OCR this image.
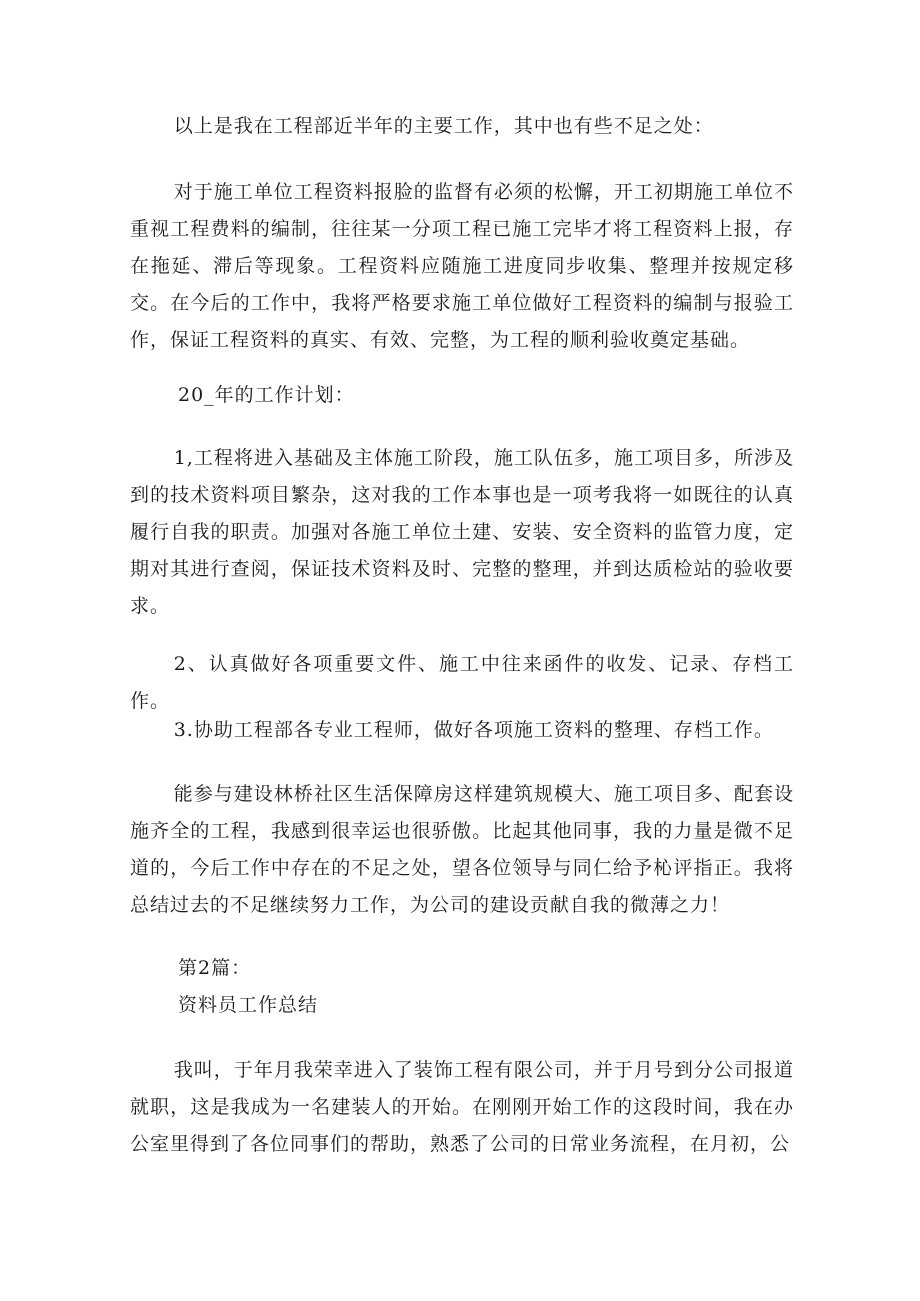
以上是我在工程部近半年的主要工作，其中也有些不足之处：

对于施工单位工程资料报脸的监督有必须的松懈，开工初期施工单位不重视工程费料的编制，往往某一分项工程已施工完毕才将工程资料上报，存在拖延、滞后等现象。工程资料应随施工进度同步收集、整理并按规定移交。在今后的工作中，我将严格要求施工单位做好工程资料的编制与报验工作，保证工程资料的真实、有效、完整，为工程的顺利验收奠定基础。

20_年的工作计划：

1,工程将进入基础及主体施工阶段，施工队伍多，施工项目多，所涉及到的技术资料项目繁杂，这对我的工作本事也是一项考我将一如既往的认真履行自我的职责。加强对各施工单位土建、安装、安全资料的监管力度，定期对其进行查阅，保证技术资料及时、完整的整理，并到达质检站的验收要求。

2、认真做好各项重要文件、施工中往来函件的收发、记录、存档工作。

3.协助工程部各专业工程师，做好各项施工资料的整理、存档工作。

能参与建设林桥社区生活保障房这样建筑规模大、施工项目多、配套设施齐全的工程，我感到很幸运也很骄傲。比起其他同事，我的力量是微不足道的，今后工作中存在的不足之处，望各位领导与同仁给予杺评指正。我将总结过去的不足继续努力工作，为公司的建设贡献自我的微薄之力！

第2篇：

资料员工作总结

我叫，于年月我荣幸进入了装饰工程有限公司，并于月号到分公司报道就职，这是我成为一名建装人的开始。在刚刚开始工作的这段时间，我在办公室里得到了各位同事们的帮助，熟悉了公司的日常业务流程，在月初，公
